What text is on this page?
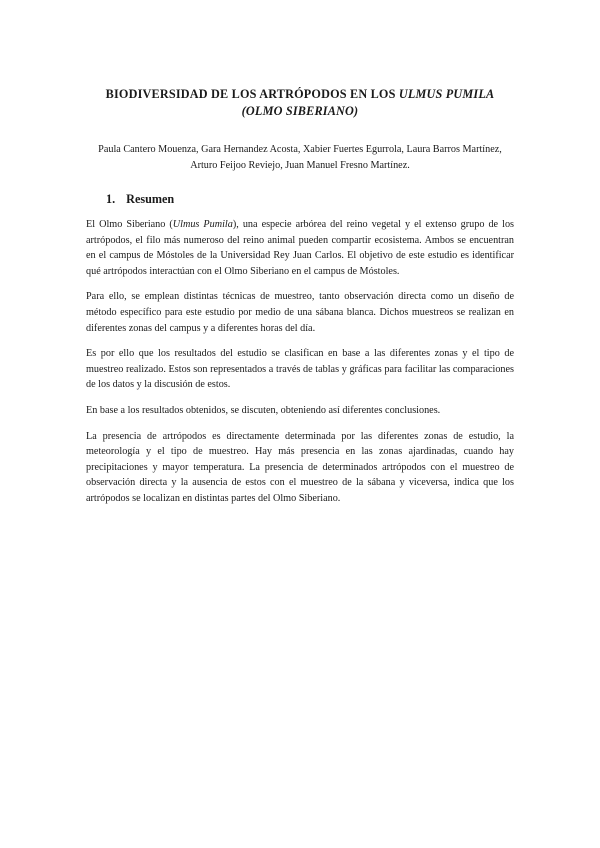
BIODIVERSIDAD DE LOS ARTRÓPODOS EN LOS ULMUS PUMILA
(OLMO SIBERIANO)

Paula Cantero Mouenza, Gara Hernandez Acosta, Xabier Fuertes Egurrola, Laura Barros Martínez, Arturo Feijoo Reviejo, Juan Manuel Fresno Martínez.

1. Resumen

El Olmo Siberiano (Ulmus Pumila), una especie arbórea del reino vegetal y el extenso grupo de los artrópodos, el filo más numeroso del reino animal pueden compartir ecosistema. Ambos se encuentran en el campus de Móstoles de la Universidad Rey Juan Carlos. El objetivo de este estudio es identificar qué artrópodos interactúan con el Olmo Siberiano en el campus de Móstoles.

Para ello, se emplean distintas técnicas de muestreo, tanto observación directa como un diseño de método específico para este estudio por medio de una sábana blanca. Dichos muestreos se realizan en diferentes zonas del campus y a diferentes horas del día.

Es por ello que los resultados del estudio se clasifican en base a las diferentes zonas y el tipo de muestreo realizado. Estos son representados a través de tablas y gráficas para facilitar las comparaciones de los datos y la discusión de estos.

En base a los resultados obtenidos, se discuten, obteniendo así diferentes conclusiones.

La presencia de artrópodos es directamente determinada por las diferentes zonas de estudio, la meteorología y el tipo de muestreo. Hay más presencia en las zonas ajardinadas, cuando hay precipitaciones y mayor temperatura. La presencia de determinados artrópodos con el muestreo de observación directa y la ausencia de estos con el muestreo de la sábana y viceversa, indica que los artrópodos se localizan en distintas partes del Olmo Siberiano.
